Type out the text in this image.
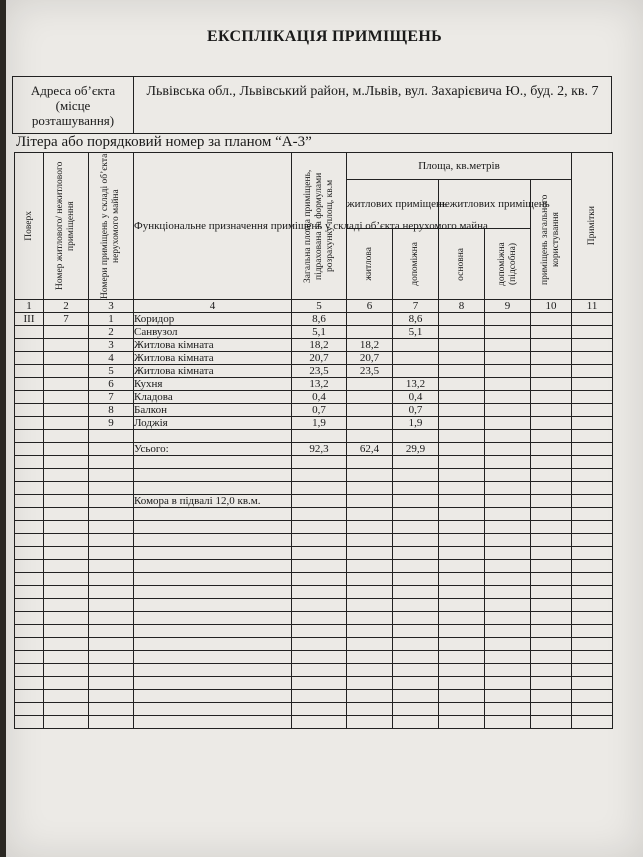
ЕКСПЛІКАЦІЯ ПРИМІЩЕНЬ
Адреса об’єкта (місце розташування)
Львівська обл., Львівський район, м.Львів, вул. Захарієвича Ю., буд. 2, кв. 7
Літера або порядковий номер за планом “А-3”
Поверх	Номер житлового/ нежитлового приміщення	Номери приміщень у складі об’єкта нерухомого майна	Функціональне призначення приміщень у складі об’єкта нерухомого майна	Загальна площа приміщень, підрахована за формулами розрахунку площ, кв.м	Площа, кв.метрів					Примітки

					житлових приміщень		нежитлових приміщень		приміщень загального користування	

					житлова	допоміжна	основна	допоміжна (підсобна)		

1	2	3	4	5	6	7	8	9	10	11
ІІІ	7	1	Коридор	8,6		8,6				
		2	Санвузол	5,1		5,1				
		3	Житлова кімната	18,2	18,2					
		4	Житлова кімната	20,7	20,7					
		5	Житлова кімната	23,5	23,5					
		6	Кухня	13,2		13,2				
		7	Кладова	0,4		0,4				
		8	Балкон	0,7		0,7				
		9	Лоджія	1,9		1,9				

			Усього:	92,3	62,4	29,9				

			Комора в підвалі 12,0 кв.м.							
